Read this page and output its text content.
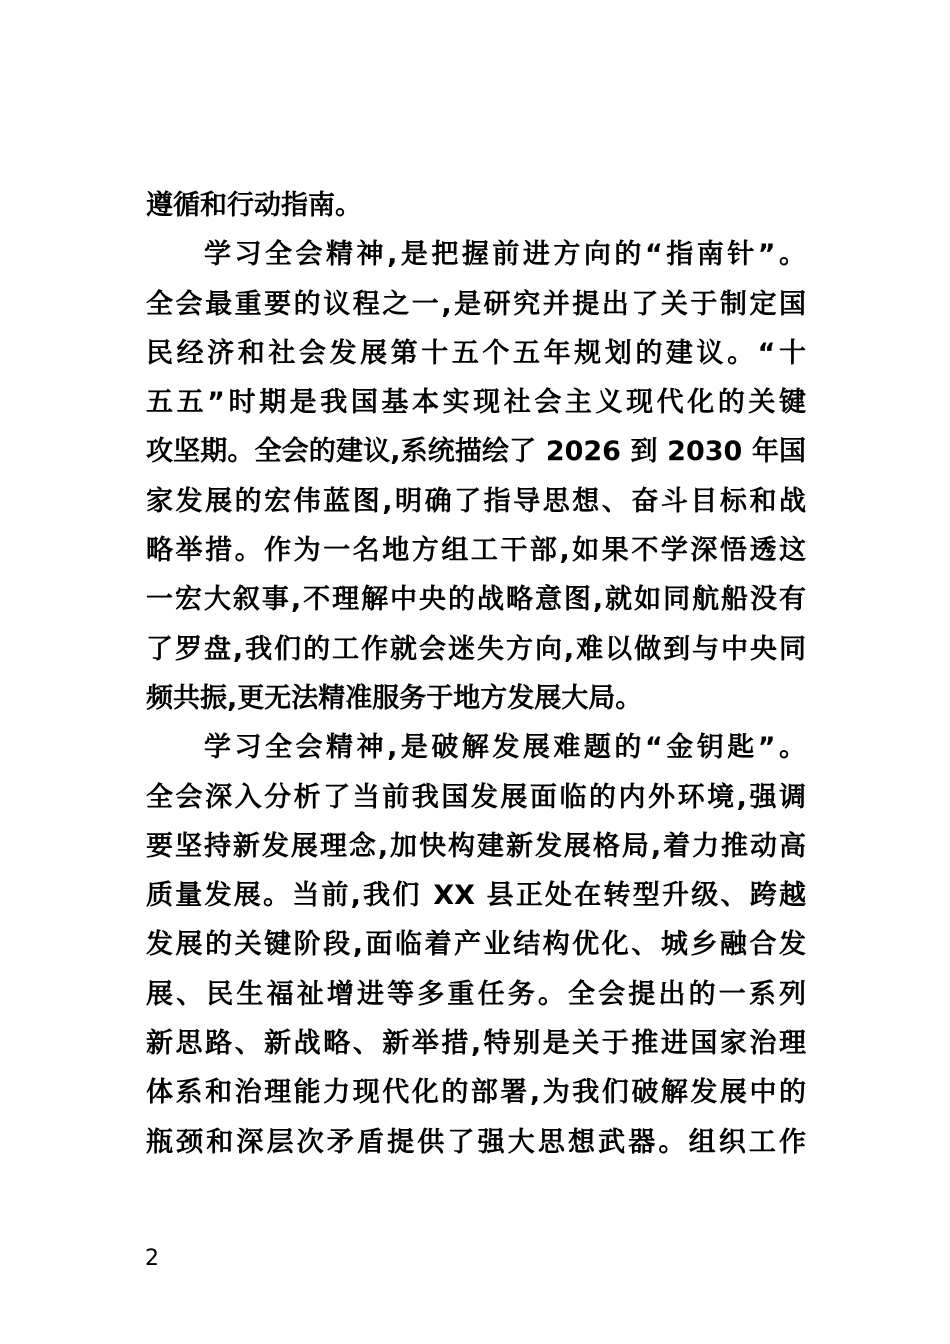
遵循和行动指南。
学习全会精神,是把握前进方向的“指南针”。
全会最重要的议程之一,是研究并提出了关于制定国
民经济和社会发展第十五个五年规划的建议。“十
五五”时期是我国基本实现社会主义现代化的关键
攻坚期。全会的建议,系统描绘了 2026 到 2030 年国
家发展的宏伟蓝图,明确了指导思想、奋斗目标和战
略举措。作为一名地方组工干部,如果不学深悟透这
一宏大叙事,不理解中央的战略意图,就如同航船没有
了罗盘,我们的工作就会迷失方向,难以做到与中央同
频共振,更无法精准服务于地方发展大局。
学习全会精神,是破解发展难题的“金钥匙”。
全会深入分析了当前我国发展面临的内外环境,强调
要坚持新发展理念,加快构建新发展格局,着力推动高
质量发展。当前,我们 XX 县正处在转型升级、跨越
发展的关键阶段,面临着产业结构优化、城乡融合发
展、民生福祉增进等多重任务。全会提出的一系列
新思路、新战略、新举措,特别是关于推进国家治理
体系和治理能力现代化的部署,为我们破解发展中的
瓶颈和深层次矛盾提供了强大思想武器。组织工作
2
